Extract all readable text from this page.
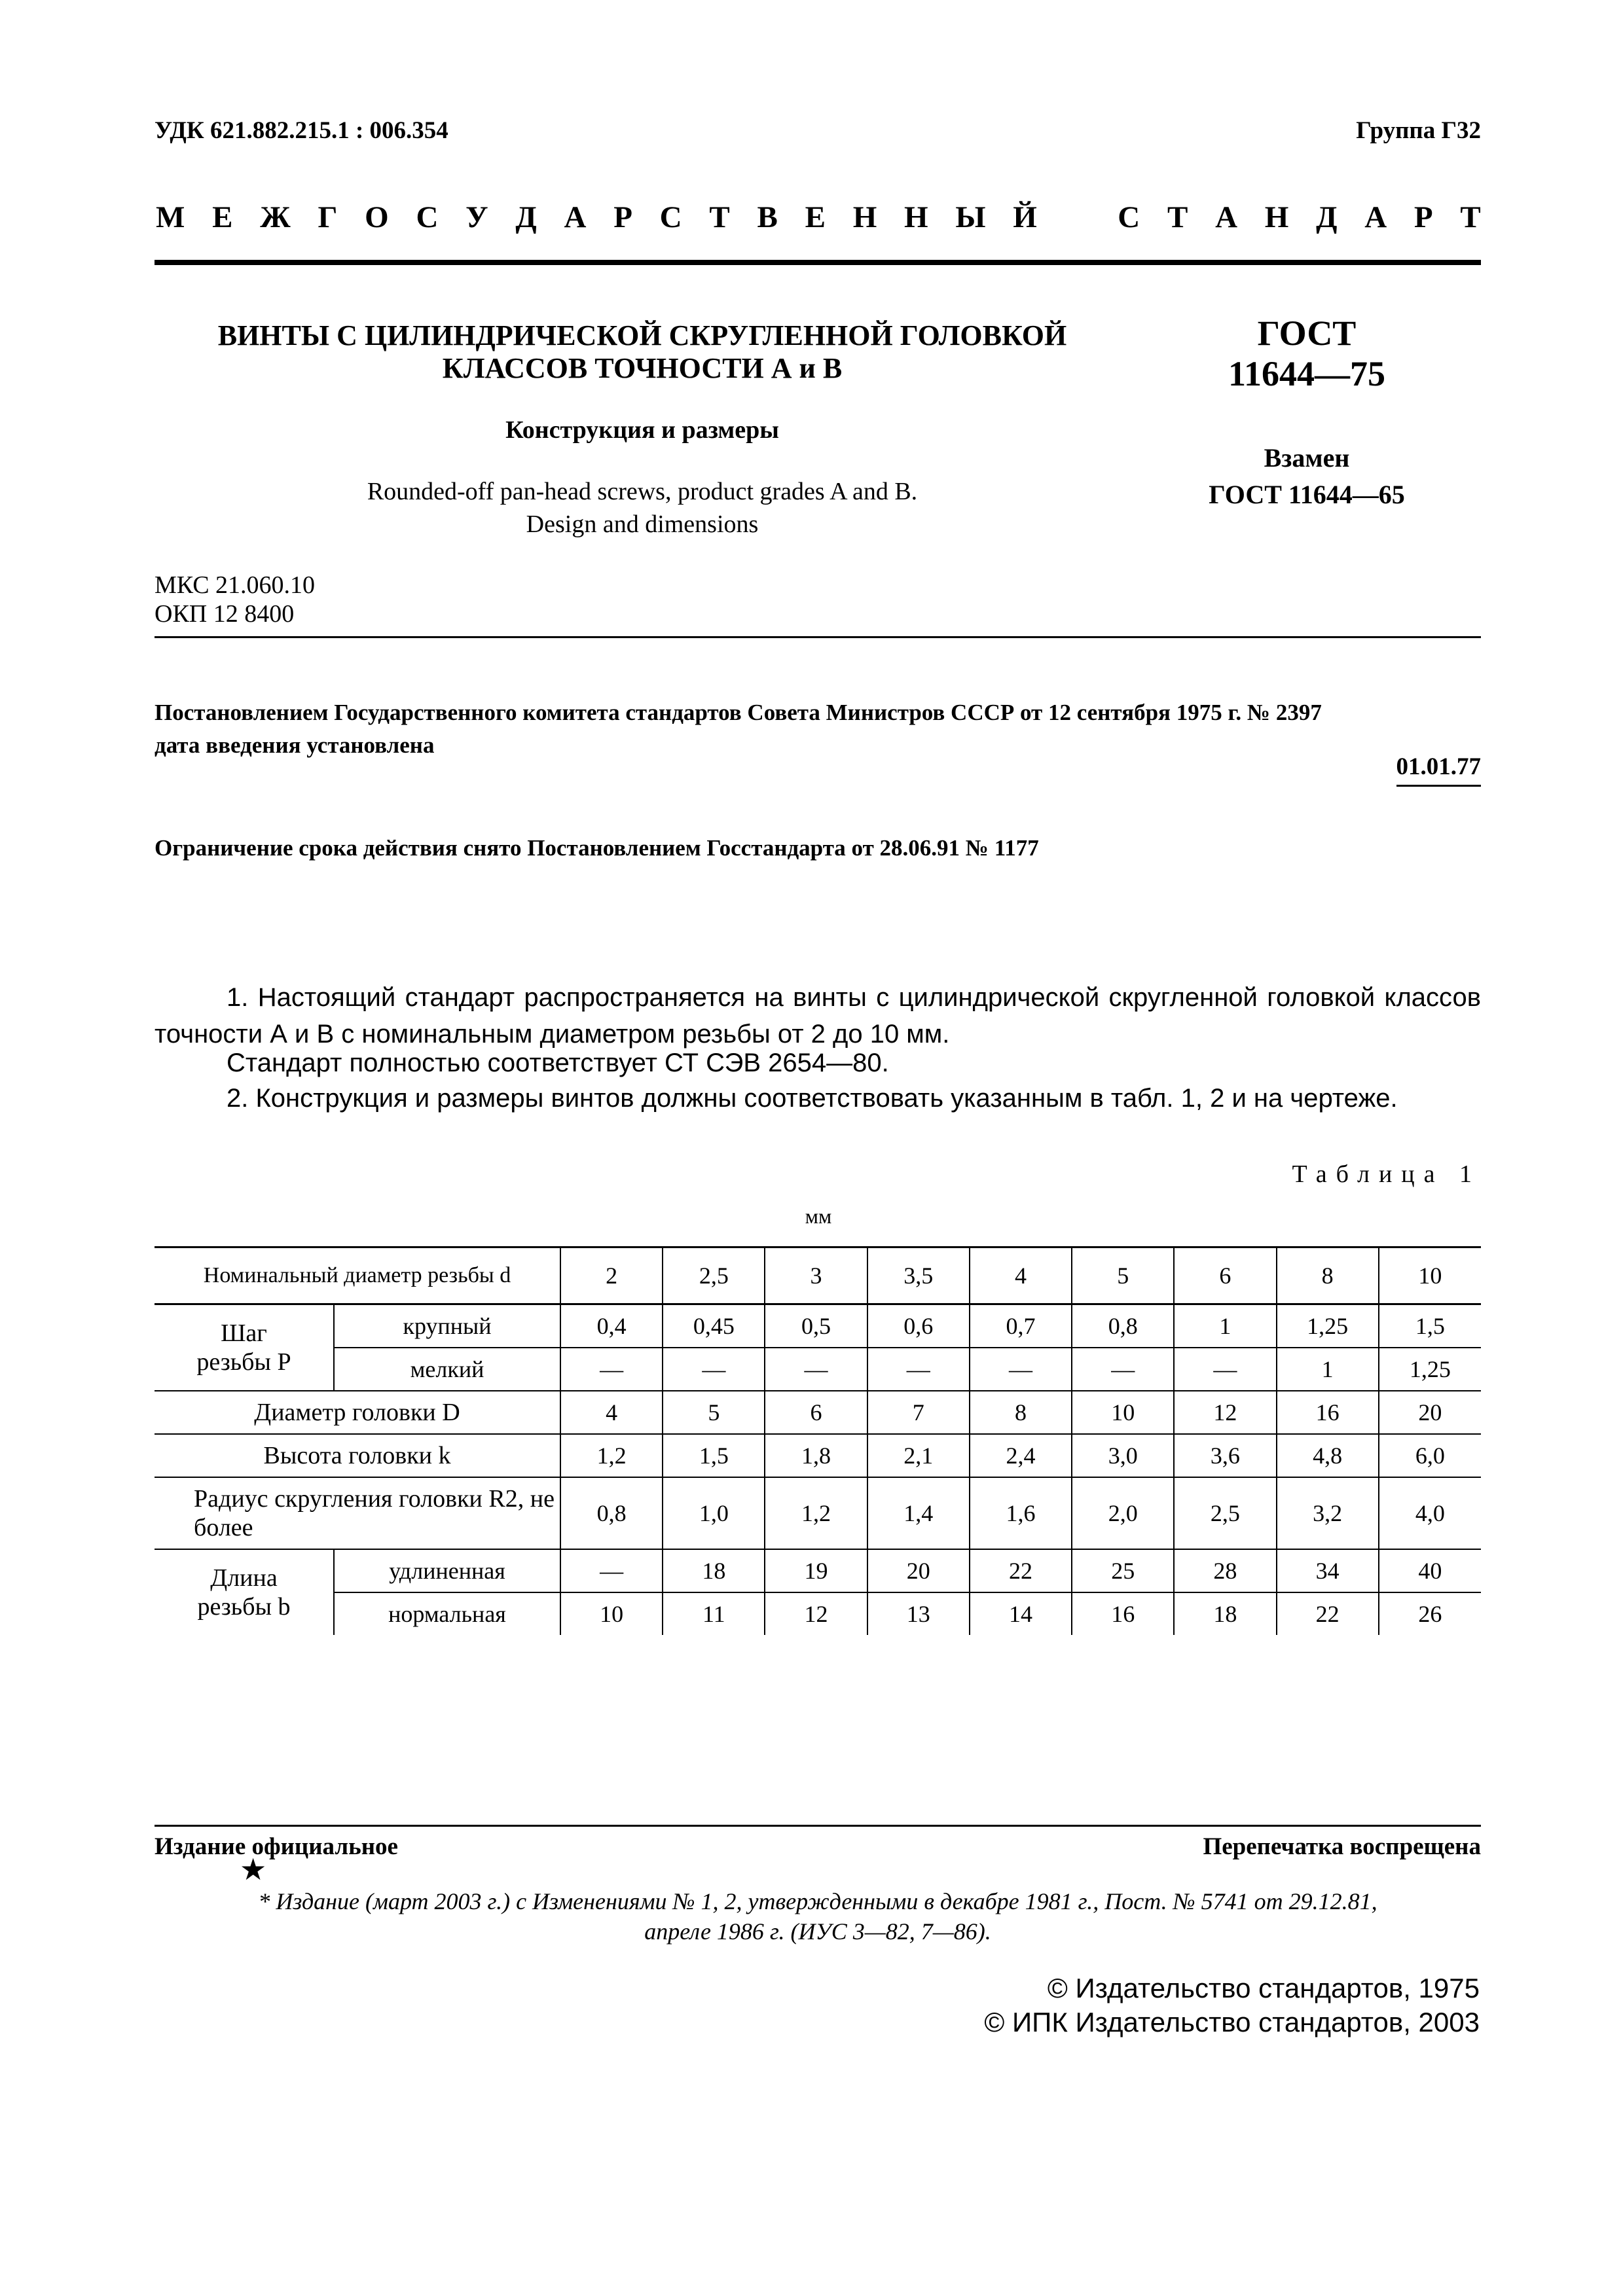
УДК 621.882.215.1 : 006.354	Группа Г32
М Е Ж Г О С У Д А Р С Т В Е Н Н Ы Й
	С Т А Н Д А Р Т
ВИНТЫ С ЦИЛИНДРИЧЕСКОЙ СКРУГЛЕННОЙ ГОЛОВКОЙ
КЛАССОВ ТОЧНОСТИ А и В
Конструкция и размеры
Rounded-off pan-head screws, product grades A and B.
Design and dimensions
ГОСТ
11644—75
Взамен
ГОСТ 11644—65
МКС 21.060.10
ОКП 12 8400
Постановлением Государственного комитета стандартов Совета Министров СССР от 12 сентября 1975 г. № 2397
дата введения установлена
01.01.77
Ограничение срока действия снято Постановлением Госстандарта от 28.06.91 № 1177
1. Настоящий стандарт распространяется на винты с цилиндрической скругленной головкой классов точности А и В с номинальным диаметром резьбы от 2 до 10 мм.
Стандарт полностью соответствует СТ СЭВ 2654—80.
2. Конструкция и размеры винтов должны соответствовать указанным в табл. 1, 2 и на чертеже.
Таблица 1
мм
Номинальный диаметр резьбы d		2	2,5	3	3,5	4	5	6	8	10
Шаг резьбы P	крупный	0,4	0,45	0,5	0,6	0,7	0,8	1	1,25	1,5
	мелкий	—	—	—	—	—	—	—	1	1,25
Диаметр головки D		4	5	6	7	8	10	12	16	20
Высота головки k		1,2	1,5	1,8	2,1	2,4	3,0	3,6	4,8	6,0
Радиус скругления головки R2, не более		0,8	1,0	1,2	1,4	1,6	2,0	2,5	3,2	4,0
Длина резьбы b	удлиненная	—	18	19	20	22	25	28	34	40
	нормальная	10	11	12	13	14	16	18	22	26
Издание официальное
★
Перепечатка воспрещена
* Издание (март 2003 г.) с Изменениями № 1, 2, утвержденными в декабре 1981 г., Пост. № 5741 от 29.12.81,
апреле 1986 г. (ИУС 3—82, 7—86).
© Издательство стандартов, 1975
© ИПК Издательство стандартов, 2003
